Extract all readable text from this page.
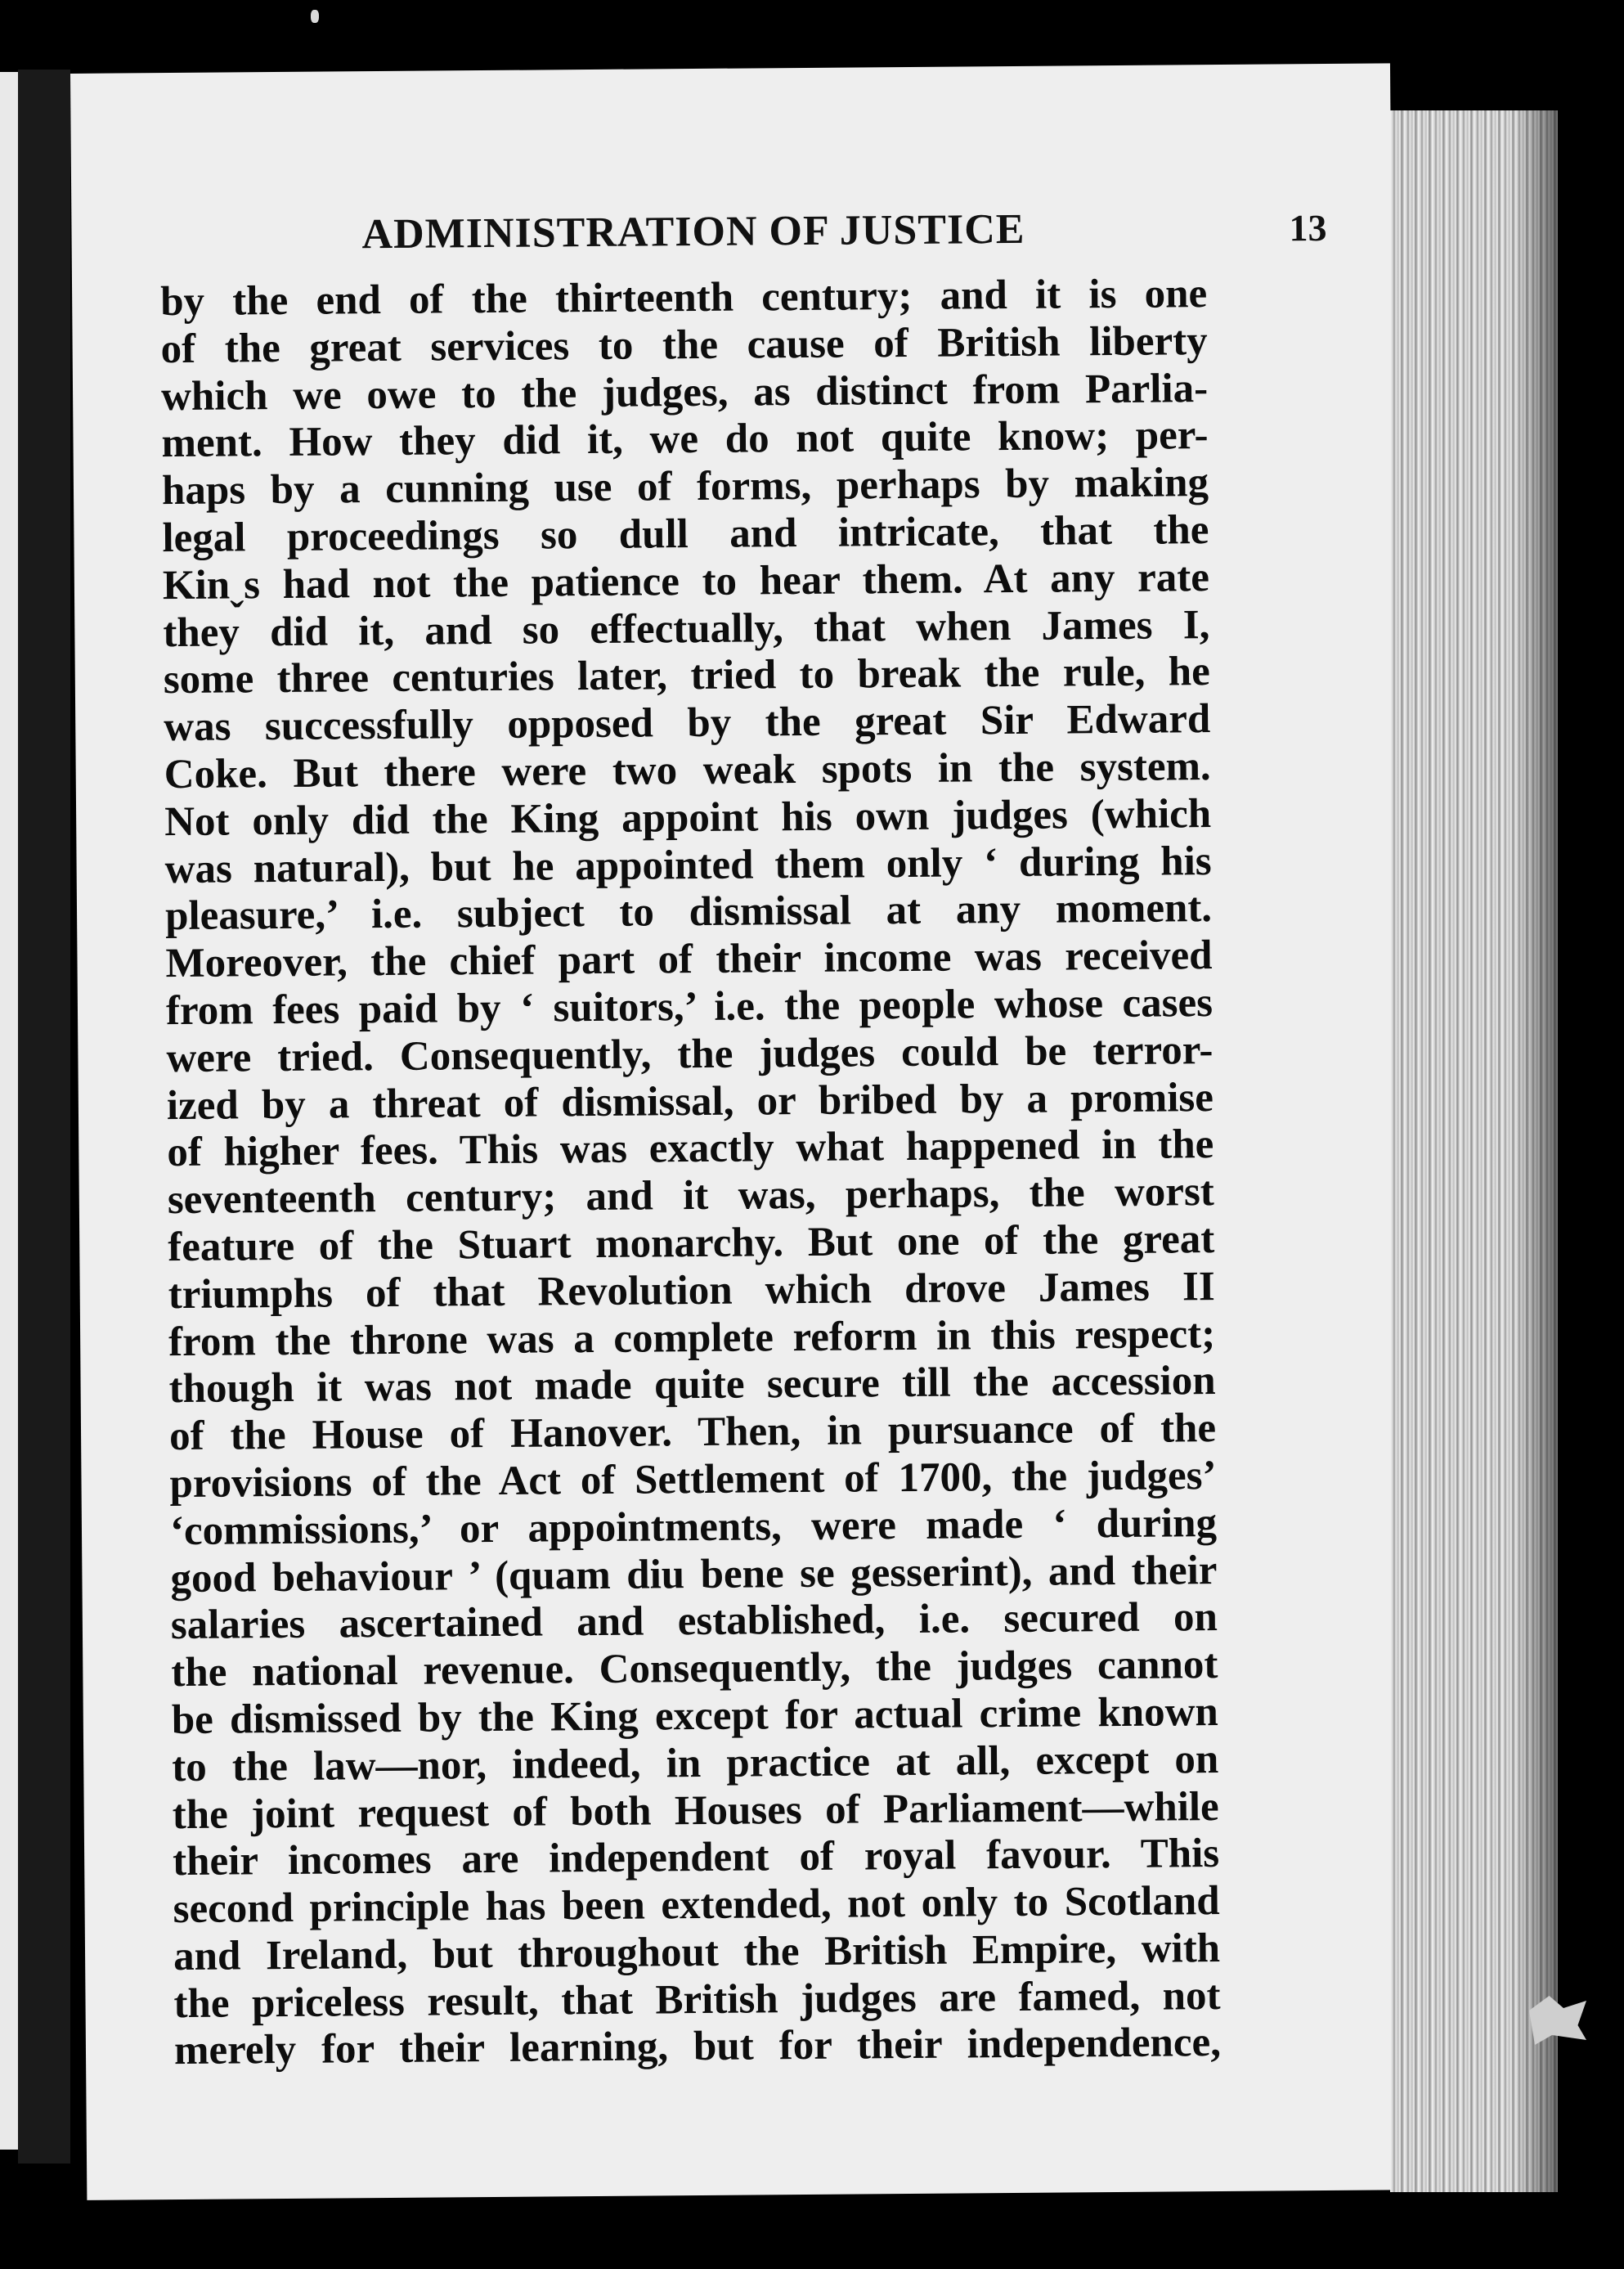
ADMINISTRATION OF JUSTICE	13
by the end of the thirteenth century; and it is one
of the great services to the cause of British liberty
which we owe to the judges, as distinct from Parlia-
ment. How they did it, we do not quite know; per-
haps by a cunning use of forms, perhaps by making
legal proceedings so dull and intricate, that the
Kinˬs had not the patience to hear them. At any rate
they did it, and so effectually, that when James I,
some three centuries later, tried to break the rule, he
was successfully opposed by the great Sir Edward
Coke. But there were two weak spots in the system.
Not only did the King appoint his own judges (which
was natural), but he appointed them only ‘ during his
pleasure,’ i.e. subject to dismissal at any moment.
Moreover, the chief part of their income was received
from fees paid by ‘ suitors,’ i.e. the people whose cases
were tried. Consequently, the judges could be terror-
ized by a threat of dismissal, or bribed by a promise
of higher fees. This was exactly what happened in the
seventeenth century; and it was, perhaps, the worst
feature of the Stuart monarchy. But one of the great
triumphs of that Revolution which drove James II
from the throne was a complete reform in this respect;
though it was not made quite secure till the accession
of the House of Hanover. Then, in pursuance of the
provisions of the Act of Settlement of 1700, the judges’
‘commissions,’ or appointments, were made ‘ during
good behaviour ’ (quam diu bene se gesserint), and their
salaries ascertained and established, i.e. secured on
the national revenue. Consequently, the judges cannot
be dismissed by the King except for actual crime known
to the law—nor, indeed, in practice at all, except on
the joint request of both Houses of Parliament—while
their incomes are independent of royal favour. This
second principle has been extended, not only to Scotland
and Ireland, but throughout the British Empire, with
the priceless result, that British judges are famed, not
merely for their learning, but for their independence,
